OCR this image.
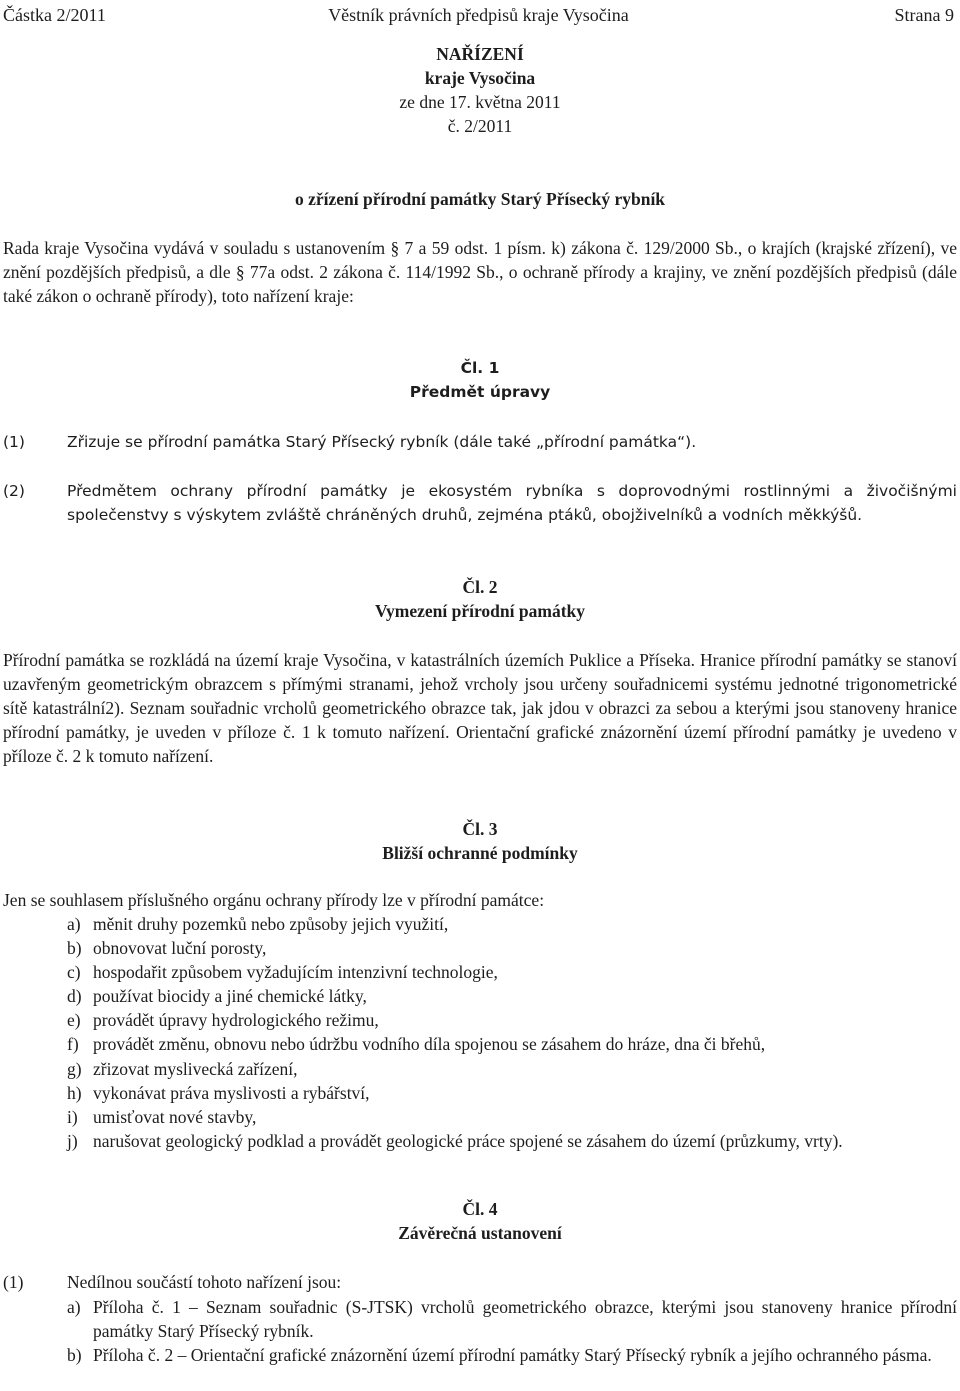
Částka 2/2011	Věstník právních předpisů kraje Vysočina	Strana 9
NAŘÍZENÍ
kraje Vysočina
ze dne 17. května 2011
č. 2/2011
o zřízení přírodní památky Starý Přísecký rybník
Rada kraje Vysočina vydává v souladu s ustanovením § 7 a 59 odst. 1 písm. k) zákona č. 129/2000 Sb., o krajích (krajské zřízení), ve znění pozdějších předpisů, a dle § 77a odst. 2 zákona č. 114/1992 Sb., o ochraně přírody a krajiny, ve znění pozdějších předpisů (dále také zákon o ochraně přírody), toto nařízení kraje:
Čl. 1
Předmět úpravy
(1)	Zřizuje se přírodní památka Starý Přísecký rybník (dále také „přírodní památka“).
(2)	Předmětem ochrany přírodní památky je ekosystém rybníka s doprovodnými rostlinnými a živočišnými společenstvy s výskytem zvláště chráněných druhů, zejména ptáků, obojživelníků a vodních měkkýšů.
Čl. 2
Vymezení přírodní památky
Přírodní památka se rozkládá na území kraje Vysočina, v katastrálních územích Puklice a Příseka. Hranice přírodní památky se stanoví uzavřeným geometrickým obrazcem s přímými stranami, jehož vrcholy jsou určeny souřadnicemi systému jednotné trigonometrické sítě katastrální2). Seznam souřadnic vrcholů geometrického obrazce tak, jak jdou v obrazci za sebou a kterými jsou stanoveny hranice přírodní památky, je uveden v příloze č. 1 k tomuto nařízení. Orientační grafické znázornění území přírodní památky je uvedeno v příloze č. 2 k tomuto nařízení.
Čl. 3
Bližší ochranné podmínky
Jen se souhlasem příslušného orgánu ochrany přírody lze v přírodní památce:
a) měnit druhy pozemků nebo způsoby jejich využití,
b) obnovovat luční porosty,
c) hospodařit způsobem vyžadujícím intenzivní technologie,
d) používat biocidy a jiné chemické látky,
e) provádět úpravy hydrologického režimu,
f) provádět změnu, obnovu nebo údržbu vodního díla spojenou se zásahem do hráze, dna či břehů,
g) zřizovat myslivecká zařízení,
h) vykonávat práva myslivosti a rybářství,
i) umisťovat nové stavby,
j) narušovat geologický podklad a provádět geologické práce spojené se zásahem do území (průzkumy, vrty).
Čl. 4
Závěrečná ustanovení
(1) Nedílnou součástí tohoto nařízení jsou:
a) Příloha č. 1 – Seznam souřadnic (S-JTSK) vrcholů geometrického obrazce, kterými jsou stanoveny hranice přírodní památky Starý Přísecký rybník.
b) Příloha č. 2 – Orientační grafické znázornění území přírodní památky Starý Přísecký rybník a jejího ochranného pásma.
